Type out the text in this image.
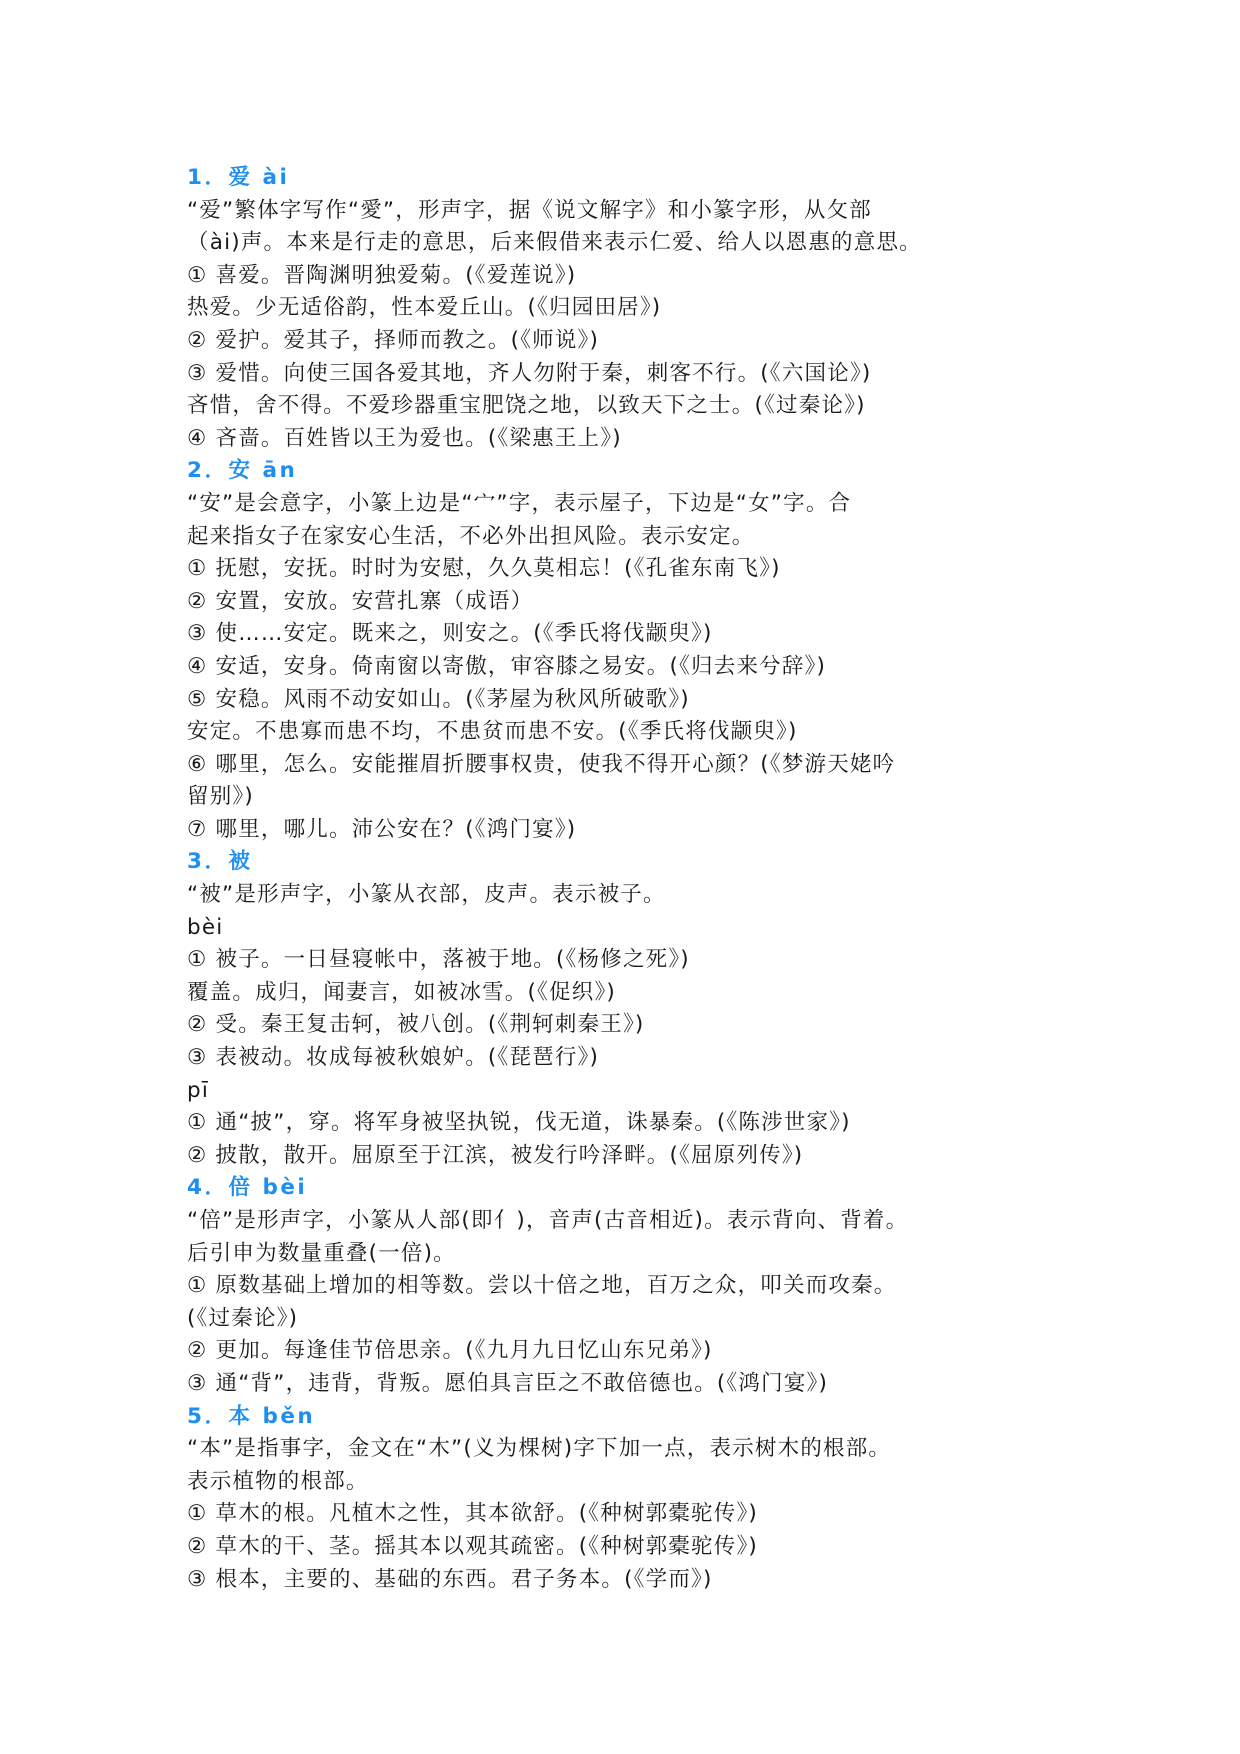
1．爱 ài
“爱”繁体字写作“愛”，形声字，据《说文解字》和小篆字形，从攵部
（ài)声。本来是行走的意思，后来假借来表示仁爱、给人以恩惠的意思。
① 喜爱。晋陶渊明独爱菊。(《爱莲说》)
热爱。少无适俗韵，性本爱丘山。(《归园田居》)
② 爱护。爱其子，择师而教之。(《师说》)
③ 爱惜。向使三国各爱其地，齐人勿附于秦，刺客不行。(《六国论》)
吝惜，舍不得。不爱珍器重宝肥饶之地，以致天下之士。(《过秦论》)
④ 吝啬。百姓皆以王为爱也。(《梁惠王上》)
2．安 ān
“安”是会意字，小篆上边是“宀”字，表示屋子，下边是“女”字。合
起来指女子在家安心生活，不必外出担风险。表示安定。
① 抚慰，安抚。时时为安慰，久久莫相忘！(《孔雀东南飞》)
② 安置，安放。安营扎寨（成语）
③ 使……安定。既来之，则安之。(《季氏将伐颛臾》)
④ 安适，安身。倚南窗以寄傲，审容膝之易安。(《归去来兮辞》)
⑤ 安稳。风雨不动安如山。(《茅屋为秋风所破歌》)
安定。不患寡而患不均，不患贫而患不安。(《季氏将伐颛臾》)
⑥ 哪里，怎么。安能摧眉折腰事权贵，使我不得开心颜？(《梦游天姥吟
留别》)
⑦ 哪里，哪儿。沛公安在？(《鸿门宴》)
3．被
“被”是形声字，小篆从衣部，皮声。表示被子。
bèi
① 被子。一日昼寝帐中，落被于地。(《杨修之死》)
覆盖。成归，闻妻言，如被冰雪。(《促织》)
② 受。秦王复击轲，被八创。(《荆轲刺秦王》)
③ 表被动。妆成每被秋娘妒。(《琵琶行》)
pī
① 通“披”，穿。将军身被坚执锐，伐无道，诛暴秦。(《陈涉世家》)
② 披散，散开。屈原至于江滨，被发行吟泽畔。(《屈原列传》)
4．倍 bèi
“倍”是形声字，小篆从人部(即亻)，音声(古音相近)。表示背向、背着。
后引申为数量重叠(一倍)。
① 原数基础上增加的相等数。尝以十倍之地，百万之众，叩关而攻秦。
(《过秦论》)
② 更加。每逢佳节倍思亲。(《九月九日忆山东兄弟》)
③ 通“背”，违背，背叛。愿伯具言臣之不敢倍德也。(《鸿门宴》)
5．本 běn
“本”是指事字，金文在“木”(义为棵树)字下加一点，表示树木的根部。
表示植物的根部。
① 草木的根。凡植木之性，其本欲舒。(《种树郭橐驼传》)
② 草木的干、茎。摇其本以观其疏密。(《种树郭橐驼传》)
③ 根本，主要的、基础的东西。君子务本。(《学而》)
